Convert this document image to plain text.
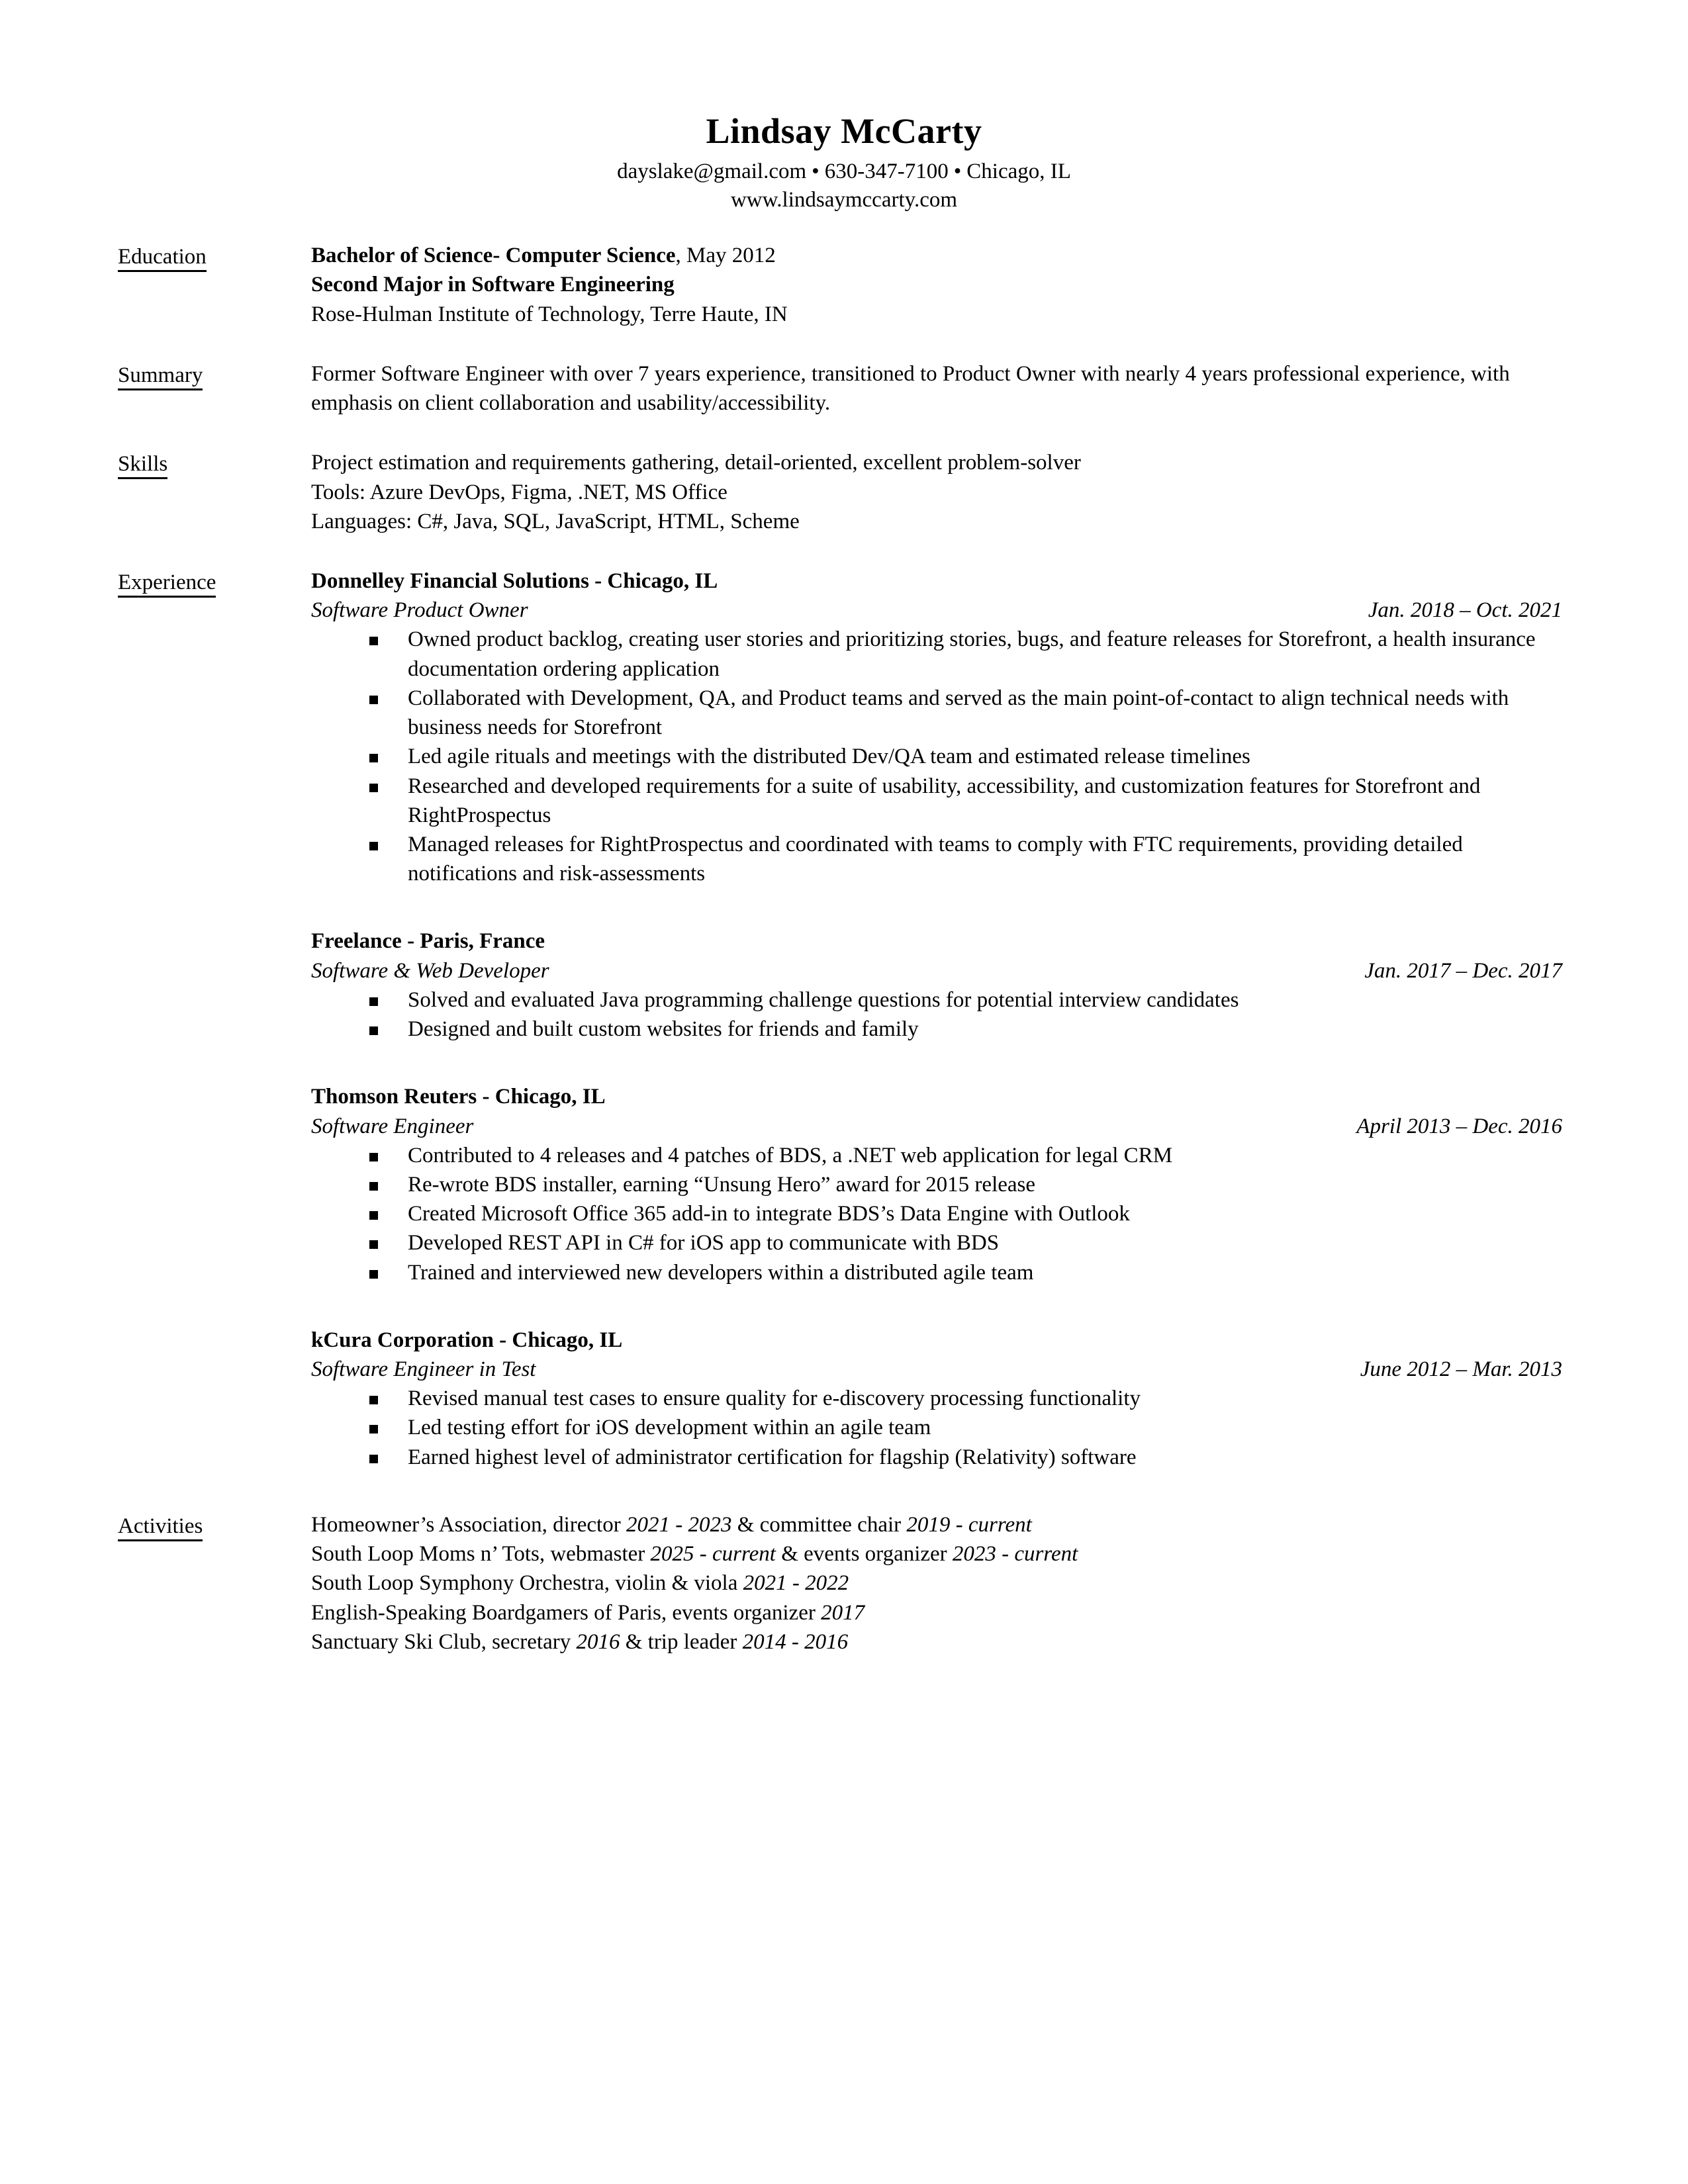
Lindsay McCarty
dayslake@gmail.com • 630-347-7100 • Chicago, IL
www.lindsaymccarty.com
Education	Bachelor of Science- Computer Science, May 2012
Second Major in Software Engineering
Rose-Hulman Institute of Technology, Terre Haute, IN
Summary	Former Software Engineer with over 7 years experience, transitioned to Product Owner with nearly 4 years professional experience, with emphasis on client collaboration and usability/accessibility.
Skills	Project estimation and requirements gathering, detail-oriented, excellent problem-solver
Tools: Azure DevOps, Figma, .NET, MS Office
Languages: C#, Java, SQL, JavaScript, HTML, Scheme
Experience	Donnelley Financial Solutions - Chicago, IL
Software Product Owner	Jan. 2018 – Oct. 2021
Owned product backlog, creating user stories and prioritizing stories, bugs, and feature releases for Storefront, a health insurance documentation ordering application
Collaborated with Development, QA, and Product teams and served as the main point-of-contact to align technical needs with business needs for Storefront
Led agile rituals and meetings with the distributed Dev/QA team and estimated release timelines
Researched and developed requirements for a suite of usability, accessibility, and customization features for Storefront and RightProspectus
Managed releases for RightProspectus and coordinated with teams to comply with FTC requirements, providing detailed notifications and risk-assessments
Freelance - Paris, France
Software & Web Developer	Jan. 2017 – Dec. 2017
Solved and evaluated Java programming challenge questions for potential interview candidates
Designed and built custom websites for friends and family
Thomson Reuters - Chicago, IL
Software Engineer	April 2013 – Dec. 2016
Contributed to 4 releases and 4 patches of BDS, a .NET web application for legal CRM
Re-wrote BDS installer, earning “Unsung Hero” award for 2015 release
Created Microsoft Office 365 add-in to integrate BDS’s Data Engine with Outlook
Developed REST API in C# for iOS app to communicate with BDS
Trained and interviewed new developers within a distributed agile team
kCura Corporation - Chicago, IL
Software Engineer in Test	June 2012 – Mar. 2013
Revised manual test cases to ensure quality for e-discovery processing functionality
Led testing effort for iOS development within an agile team
Earned highest level of administrator certification for flagship (Relativity) software
Activities	Homeowner’s Association, director 2021 - 2023 & committee chair 2019 - current
South Loop Moms n’ Tots, webmaster 2025 - current & events organizer 2023 - current
South Loop Symphony Orchestra, violin & viola 2021 - 2022
English-Speaking Boardgamers of Paris, events organizer 2017
Sanctuary Ski Club, secretary 2016 & trip leader 2014 - 2016
